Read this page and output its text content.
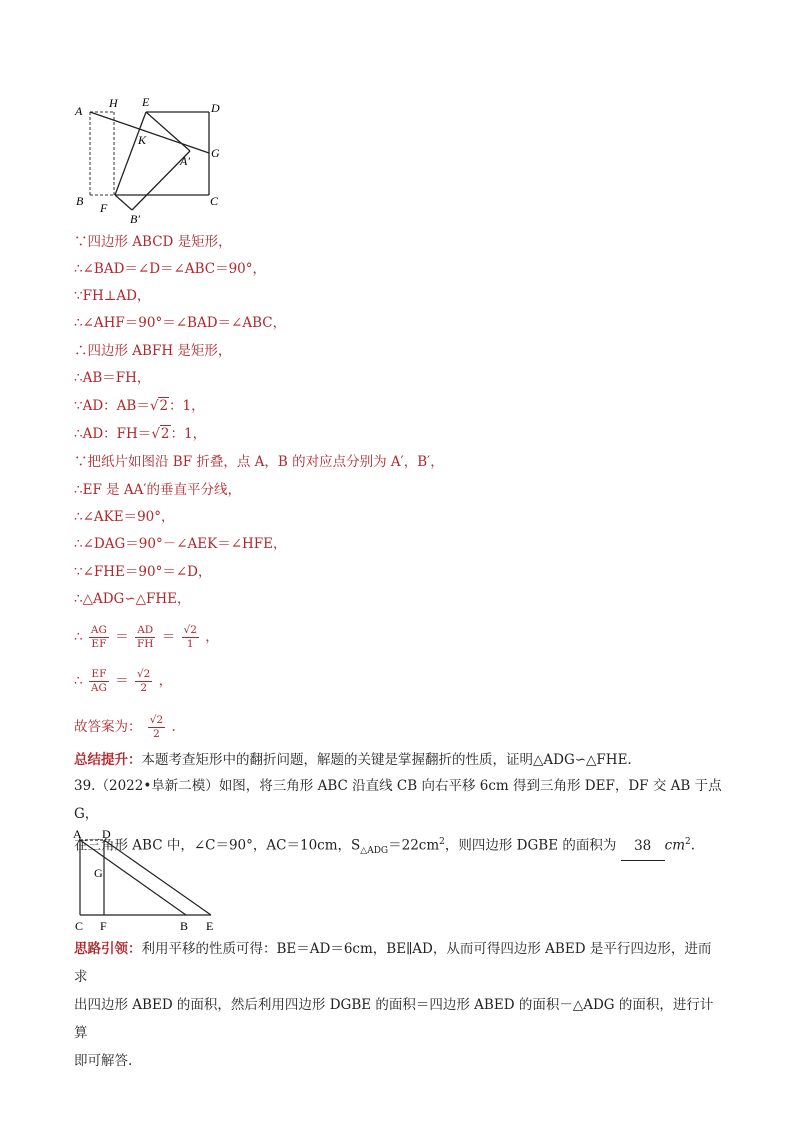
A
H E	D
K
G
A′
B F	C
B′
∵四边形 ABCD 是矩形，
∴∠BAD＝∠D＝∠ABC＝90°，
∵FH⊥AD，
∴∠AHF＝90°＝∠BAD＝∠ABC，
∴四边形 ABFH 是矩形，
∴AB＝FH，
∵AD：AB＝√2：1，
∴AD：FH＝√2：1，
∵把纸片如图沿 BF 折叠，点 A，B 的对应点分别为 A′，B′，
∴EF 是 AA′的垂直平分线，
∴∠AKE＝90°，
∴∠DAG＝90°－∠AEK＝∠HFE，
∵∠FHE＝90°＝∠D，
∴△ADG∽△FHE，
∴ $\frac{AG}{EF} = \frac{AD}{FH} = \frac{√2}{1}$ ，
∴ $\frac{EF}{AG} = \frac{√2}{2}$ ，
故答案为： $\frac{√2}{2}$ .
总结提升：本题考查矩形中的翻折问题，解题的关键是掌握翻折的性质，证明△ADG∽△FHE.
39.（2022•阜新二模）如图，将三角形 ABC 沿直线 CB 向右平移 6cm 得到三角形 DEF，DF 交 AB 于点 G，
在三角形 ABC 中，∠C＝90°，AC＝10cm，$S_{\triangle ADG}=22cm^2$，则四边形 DGBE 的面积为 38 $cm^2$.
A D
G
C F	B E
思路引领：利用平移的性质可得：BE＝AD＝6cm，BE∥AD，从而可得四边形 ABED 是平行四边形，进而求
出四边形 ABED 的面积，然后利用四边形 DGBE 的面积＝四边形 ABED 的面积－△ADG 的面积，进行计算
即可解答.
